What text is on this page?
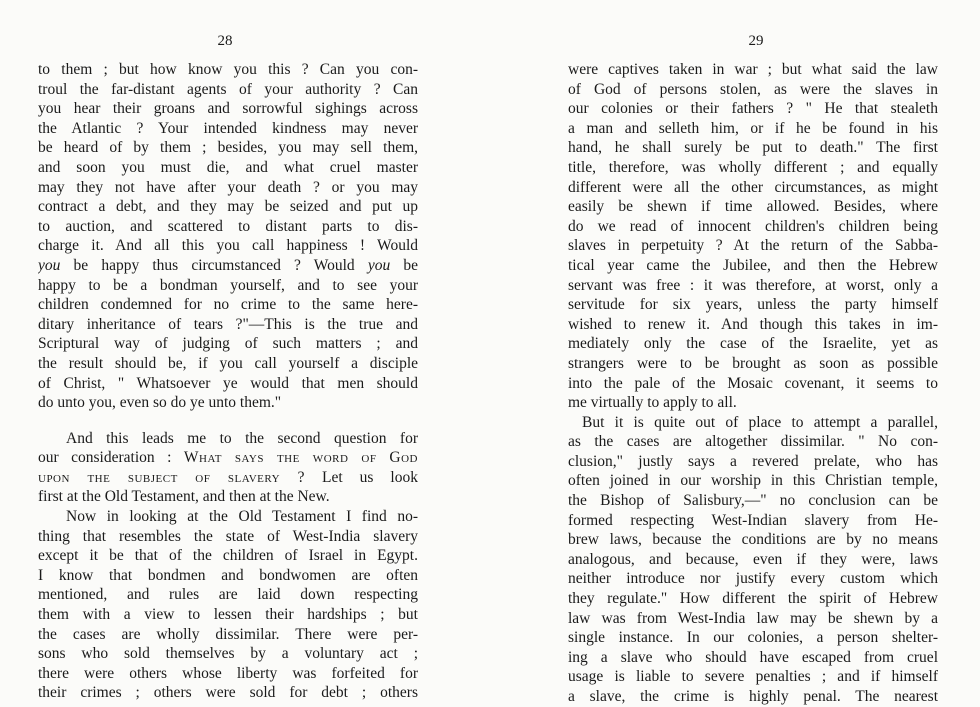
28
to them ; but how know you this ? Can you con-
troul the far-distant agents of your authority ? Can
you hear their groans and sorrowful sighings across
the Atlantic ? Your intended kindness may never
be heard of by them ; besides, you may sell them,
and soon you must die, and what cruel master
may they not have after your death ? or you may
contract a debt, and they may be seized and put up
to auction, and scattered to distant parts to dis-
charge it. And all this you call happiness ! Would
you be happy thus circumstanced ? Would you be
happy to be a bondman yourself, and to see your
children condemned for no crime to the same here-
ditary inheritance of tears ?"—This is the true and
Scriptural way of judging of such matters ; and
the result should be, if you call yourself a disciple
of Christ, " Whatsoever ye would that men should
do unto you, even so do ye unto them."
And this leads me to the second question for
our consideration : What says the word of God
upon the subject of slavery ? Let us look
first at the Old Testament, and then at the New.
Now in looking at the Old Testament I find no-
thing that resembles the state of West-India slavery
except it be that of the children of Israel in Egypt.
I know that bondmen and bondwomen are often
mentioned, and rules are laid down respecting
them with a view to lessen their hardships ; but
the cases are wholly dissimilar. There were per-
sons who sold themselves by a voluntary act ;
there were others whose liberty was forfeited for
their crimes ; others were sold for debt ; others
29
were captives taken in war ; but what said the law
of God of persons stolen, as were the slaves in
our colonies or their fathers ? " He that stealeth
a man and selleth him, or if he be found in his
hand, he shall surely be put to death." The first
title, therefore, was wholly different ; and equally
different were all the other circumstances, as might
easily be shewn if time allowed. Besides, where
do we read of innocent children's children being
slaves in perpetuity ? At the return of the Sabba-
tical year came the Jubilee, and then the Hebrew
servant was free : it was therefore, at worst, only a
servitude for six years, unless the party himself
wished to renew it. And though this takes in im-
mediately only the case of the Israelite, yet as
strangers were to be brought as soon as possible
into the pale of the Mosaic covenant, it seems to
me virtually to apply to all.
But it is quite out of place to attempt a parallel,
as the cases are altogether dissimilar. " No con-
clusion," justly says a revered prelate, who has
often joined in our worship in this Christian temple,
the Bishop of Salisbury,—" no conclusion can be
formed respecting West-Indian slavery from He-
brew laws, because the conditions are by no means
analogous, and because, even if they were, laws
neither introduce nor justify every custom which
they regulate." How different the spirit of Hebrew
law was from West-India law may be shewn by a
single instance. In our colonies, a person shelter-
ing a slave who should have escaped from cruel
usage is liable to severe penalties ; and if himself
a slave, the crime is highly penal. The nearest
